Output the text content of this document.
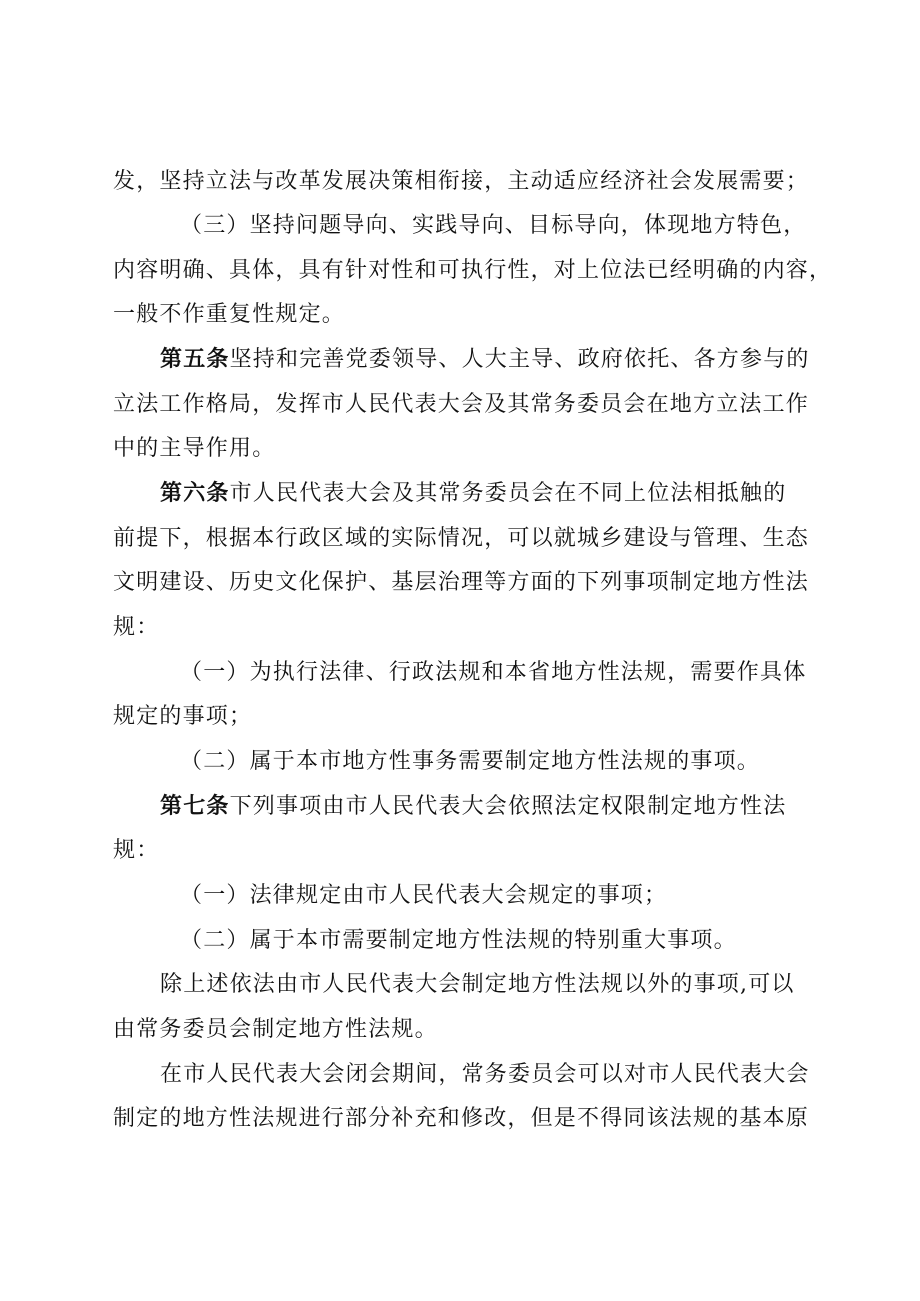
发，坚持立法与改革发展决策相衔接，主动适应经济社会发展需要；
（三）坚持问题导向、实践导向、目标导向，体现地方特色，
内容明确、具体，具有针对性和可执行性，对上位法已经明确的内容，
一般不作重复性规定。
第五条坚持和完善党委领导、人大主导、政府依托、各方参与的
立法工作格局，发挥市人民代表大会及其常务委员会在地方立法工作
中的主导作用。
第六条市人民代表大会及其常务委员会在不同上位法相抵触的
前提下，根据本行政区域的实际情况，可以就城乡建设与管理、生态
文明建设、历史文化保护、基层治理等方面的下列事项制定地方性法
规：
（一）为执行法律、行政法规和本省地方性法规，需要作具体
规定的事项；
（二）属于本市地方性事务需要制定地方性法规的事项。
第七条下列事项由市人民代表大会依照法定权限制定地方性法
规：
（一）法律规定由市人民代表大会规定的事项；
（二）属于本市需要制定地方性法规的特别重大事项。
除上述依法由市人民代表大会制定地方性法规以外的事项,可以
由常务委员会制定地方性法规。
在市人民代表大会闭会期间，常务委员会可以对市人民代表大会
制定的地方性法规进行部分补充和修改，但是不得同该法规的基本原
